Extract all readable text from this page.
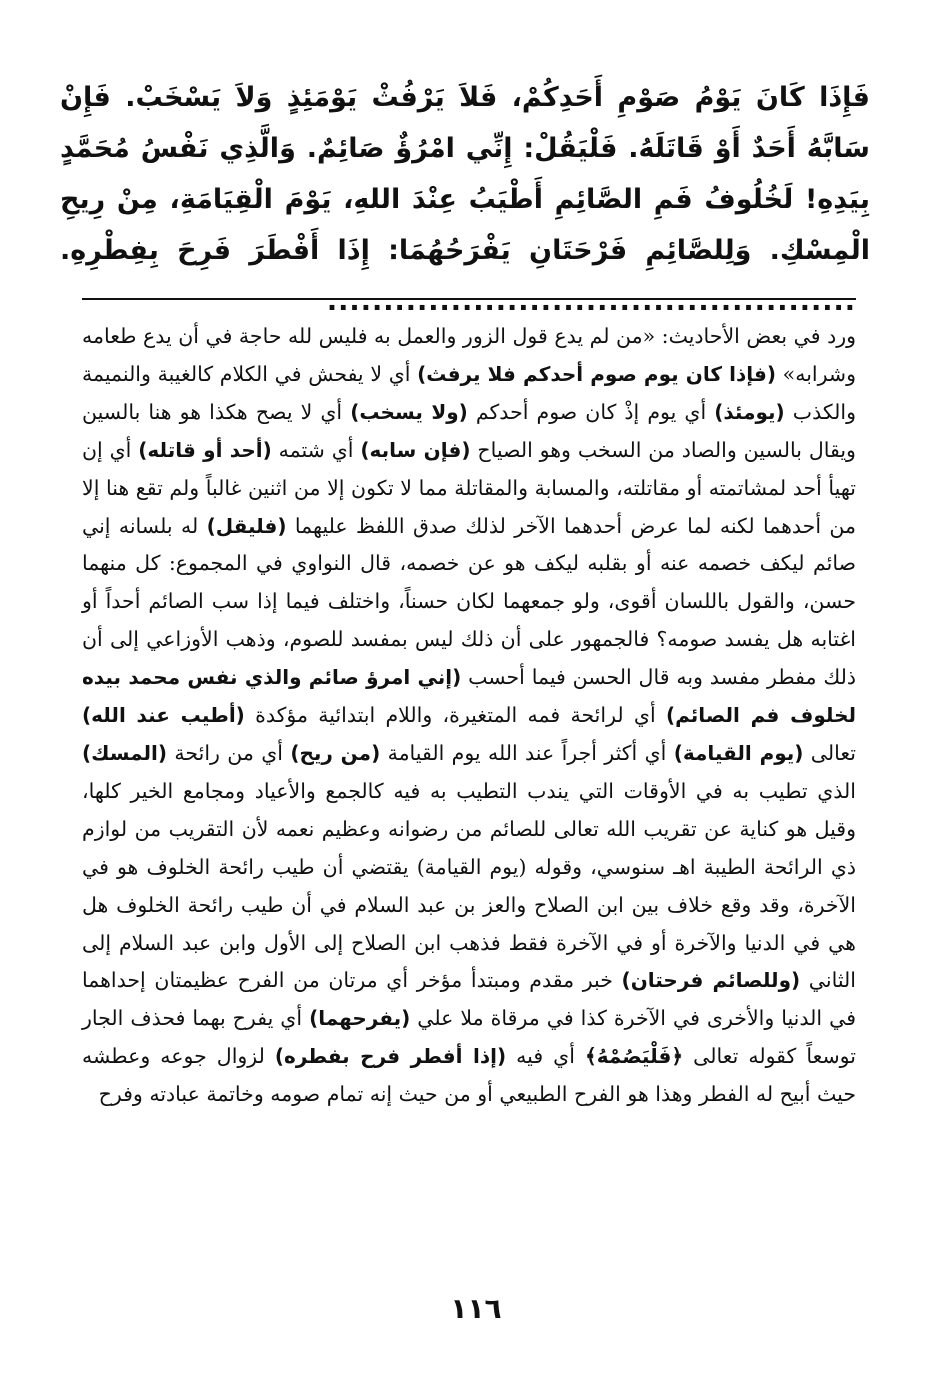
فَإِذَا كَانَ يَوْمُ صَوْمِ أَحَدِكُمْ، فَلاَ يَرْفُثْ يَوْمَئِذٍ وَلاَ يَسْخَبْ. فَإِنْ سَابَّهُ أَحَدٌ أَوْ قَاتَلَهُ. فَلْيَقُلْ: إِنِّي امْرُؤٌ صَائِمٌ. وَالَّذِي نَفْسُ مُحَمَّدٍ بِيَدِهِ! لَخُلُوفُ فَمِ الصَّائِمِ أَطْيَبُ عِنْدَ اللهِ، يَوْمَ الْقِيَامَةِ، مِنْ رِيحِ الْمِسْكِ. وَلِلصَّائِمِ فَرْحَتَانِ يَفْرَحُهُمَا: إِذَا أَفْطَرَ فَرِحَ بِفِطْرِهِ................................................
ورد في بعض الأحاديث: «من لم يدع قول الزور والعمل به فليس لله حاجة في أن يدع طعامه وشرابه» (فإذا كان يوم صوم أحدكم فلا يرفث) أي لا يفحش في الكلام كالغيبة والنميمة والكذب (يومئذ) أي يوم إذْ كان صوم أحدكم (ولا يسخب) أي لا يصح هكذا هو هنا بالسين ويقال بالسين والصاد من السخب وهو الصياح (فإن سابه) أي شتمه (أحد أو قاتله) أي إن تهيأ أحد لمشاتمته أو مقاتلته، والمسابة والمقاتلة مما لا تكون إلا من اثنين غالباً ولم تقع هنا إلا من أحدهما لكنه لما عرض أحدهما الآخر لذلك صدق اللفظ عليهما (فليقل) له بلسانه إني صائم ليكف خصمه عنه أو بقلبه ليكف هو عن خصمه، قال النواوي في المجموع: كل منهما حسن، والقول باللسان أقوى، ولو جمعهما لكان حسناً، واختلف فيما إذا سب الصائم أحداً أو اغتابه هل يفسد صومه؟ فالجمهور على أن ذلك ليس بمفسد للصوم، وذهب الأوزاعي إلى أن ذلك مفطر مفسد وبه قال الحسن فيما أحسب (إني امرؤ صائم والذي نفس محمد بيده لخلوف فم الصائم) أي لرائحة فمه المتغيرة، واللام ابتدائية مؤكدة (أطيب عند الله) تعالى (يوم القيامة) أي أكثر أجراً عند الله يوم القيامة (من ريح) أي من رائحة (المسك) الذي تطيب به في الأوقات التي يندب التطيب به فيه كالجمع والأعياد ومجامع الخير كلها، وقيل هو كناية عن تقريب الله تعالى للصائم من رضوانه وعظيم نعمه لأن التقريب من لوازم ذي الرائحة الطيبة اهـ سنوسي، وقوله (يوم القيامة) يقتضي أن طيب رائحة الخلوف هو في الآخرة، وقد وقع خلاف بين ابن الصلاح والعز بن عبد السلام في أن طيب رائحة الخلوف هل هي في الدنيا والآخرة أو في الآخرة فقط فذهب ابن الصلاح إلى الأول وابن عبد السلام إلى الثاني (وللصائم فرحتان) خبر مقدم ومبتدأ مؤخر أي مرتان من الفرح عظيمتان إحداهما في الدنيا والأخرى في الآخرة كذا في مرقاة ملا علي (يفرحهما) أي يفرح بهما فحذف الجار توسعاً كقوله تعالى ﴿فَلْيَصُمْهُ﴾ أي فيه (إذا أفطر فرح بفطره) لزوال جوعه وعطشه حيث أبيح له الفطر وهذا هو الفرح الطبيعي أو من حيث إنه تمام صومه وخاتمة عبادته وفرح
١١٦
